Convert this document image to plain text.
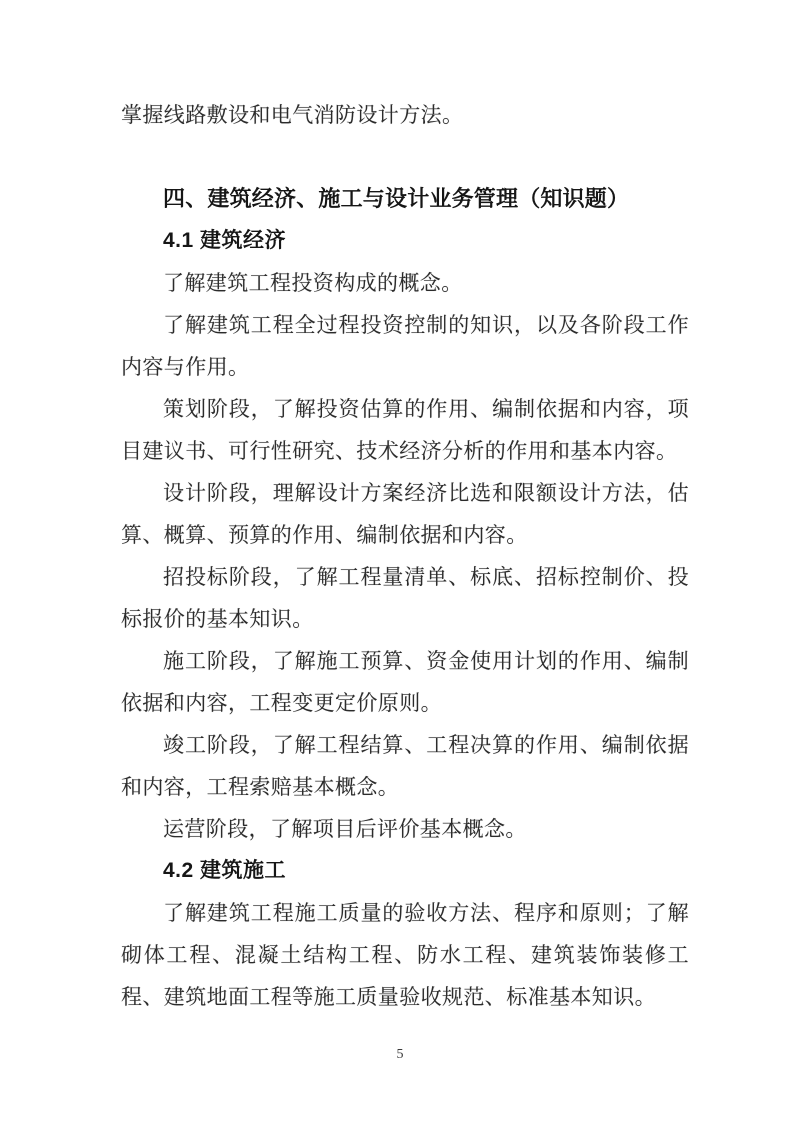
掌握线路敷设和电气消防设计方法。

四、建筑经济、施工与设计业务管理（知识题）
4.1 建筑经济

了解建筑工程投资构成的概念。

了解建筑工程全过程投资控制的知识，以及各阶段工作内容与作用。

策划阶段，了解投资估算的作用、编制依据和内容，项目建议书、可行性研究、技术经济分析的作用和基本内容。

设计阶段，理解设计方案经济比选和限额设计方法，估算、概算、预算的作用、编制依据和内容。

招投标阶段，了解工程量清单、标底、招标控制价、投标报价的基本知识。

施工阶段，了解施工预算、资金使用计划的作用、编制依据和内容，工程变更定价原则。

竣工阶段，了解工程结算、工程决算的作用、编制依据和内容，工程索赔基本概念。

运营阶段，了解项目后评价基本概念。

4.2 建筑施工

了解建筑工程施工质量的验收方法、程序和原则；了解砌体工程、混凝土结构工程、防水工程、建筑装饰装修工程、建筑地面工程等施工质量验收规范、标准基本知识。

5
